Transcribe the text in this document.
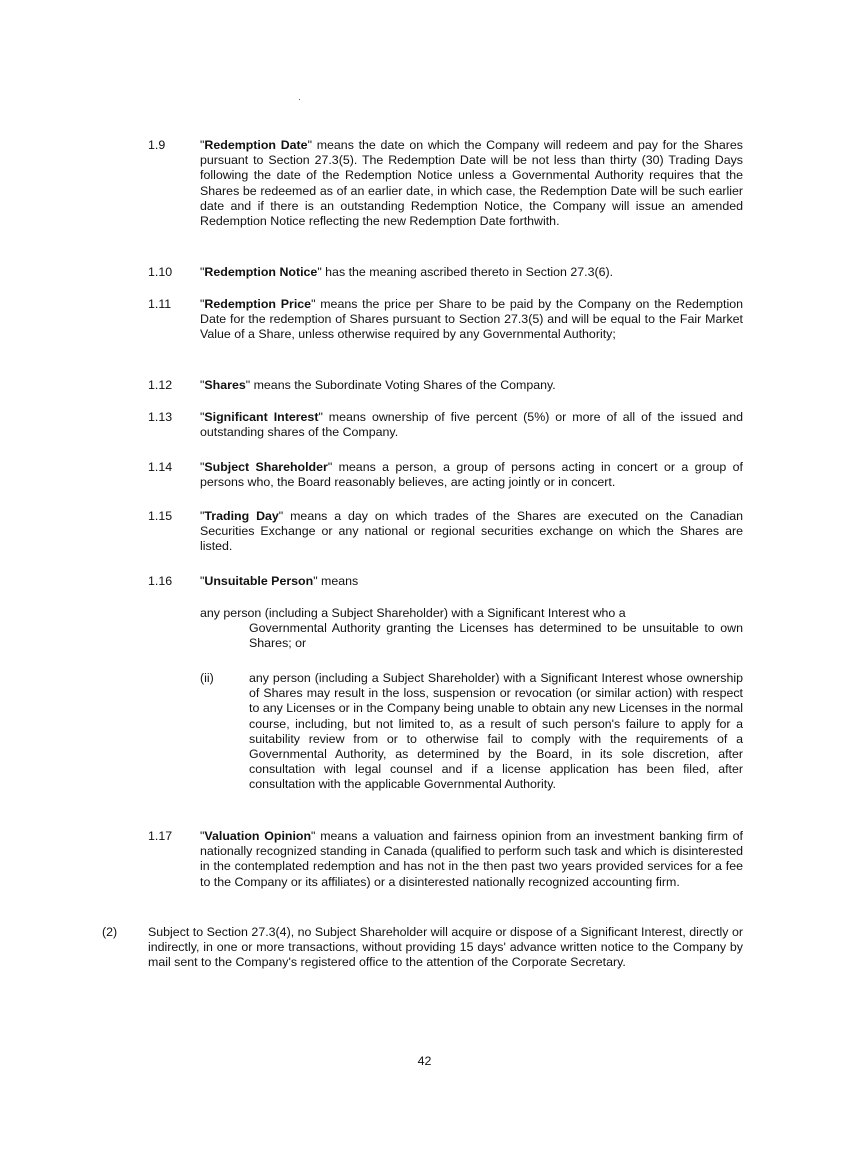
1.9	"Redemption Date" means the date on which the Company will redeem and pay for the Shares pursuant to Section 27.3(5). The Redemption Date will be not less than thirty (30) Trading Days following the date of the Redemption Notice unless a Governmental Authority requires that the Shares be redeemed as of an earlier date, in which case, the Redemption Date will be such earlier date and if there is an outstanding Redemption Notice, the Company will issue an amended Redemption Notice reflecting the new Redemption Date forthwith.
1.10 "Redemption Notice" has the meaning ascribed thereto in Section 27.3(6).
1.11 "Redemption Price" means the price per Share to be paid by the Company on the Redemption Date for the redemption of Shares pursuant to Section 27.3(5) and will be equal to the Fair Market Value of a Share, unless otherwise required by any Governmental Authority;
1.12 "Shares" means the Subordinate Voting Shares of the Company.
1.13 "Significant Interest" means ownership of five percent (5%) or more of all of the issued and outstanding shares of the Company.
1.14 "Subject Shareholder" means a person, a group of persons acting in concert or a group of persons who, the Board reasonably believes, are acting jointly or in concert.
1.15 "Trading Day" means a day on which trades of the Shares are executed on the Canadian Securities Exchange or any national or regional securities exchange on which the Shares are listed.
1.16 "Unsuitable Person" means
any person (including a Subject Shareholder) with a Significant Interest who a
Governmental Authority granting the Licenses has determined to be unsuitable to own Shares; or
(ii)	any person (including a Subject Shareholder) with a Significant Interest whose ownership of Shares may result in the loss, suspension or revocation (or similar action) with respect to any Licenses or in the Company being unable to obtain any new Licenses in the normal course, including, but not limited to, as a result of such person's failure to apply for a suitability review from or to otherwise fail to comply with the requirements of a Governmental Authority, as determined by the Board, in its sole discretion, after consultation with legal counsel and if a license application has been filed, after consultation with the applicable Governmental Authority.
1.17 "Valuation Opinion" means a valuation and fairness opinion from an investment banking firm of nationally recognized standing in Canada (qualified to perform such task and which is disinterested in the contemplated redemption and has not in the then past two years provided services for a fee to the Company or its affiliates) or a disinterested nationally recognized accounting firm.
(2) Subject to Section 27.3(4), no Subject Shareholder will acquire or dispose of a Significant Interest, directly or indirectly, in one or more transactions, without providing 15 days' advance written notice to the Company by mail sent to the Company's registered office to the attention of the Corporate Secretary.
42
